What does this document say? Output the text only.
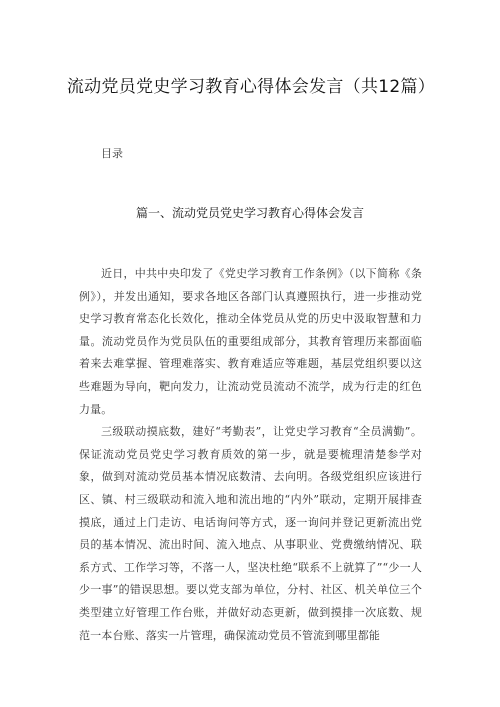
流动党员党史学习教育心得体会发言（共12篇）
目录
篇一、流动党员党史学习教育心得体会发言

近日，中共中央印发了《党史学习教育工作条例》（以下简称《条例》），并发出通知，要求各地区各部门认真遵照执行，进一步推动党史学习教育常态化长效化，推动全体党员从党的历史中汲取智慧和力量。流动党员作为党员队伍的重要组成部分，其教育管理历来都面临着来去难掌握、管理难落实、教育难适应等难题，基层党组织要以这些难题为导向，靶向发力，让流动党员流动不流学，成为行走的红色力量。

三级联动摸底数，建好“考勤表”，让党史学习教育“全员满勤”。保证流动党员党史学习教育质效的第一步，就是要梳理清楚参学对象，做到对流动党员基本情况底数清、去向明。各级党组织应该进行区、镇、村三级联动和流入地和流出地的“内外”联动，定期开展排查摸底，通过上门走访、电话询问等方式，逐一询问并登记更新流出党员的基本情况、流出时间、流入地点、从事职业、党费缴纳情况、联系方式、工作学习等，不落一人，坚决杜绝“联系不上就算了”“少一人少一事”的错误思想。要以党支部为单位，分村、社区、机关单位三个类型建立好管理工作台账，并做好动态更新，做到摸排一次底数、规范一本台账、落实一片管理，确保流动党员不管流到哪里都能
